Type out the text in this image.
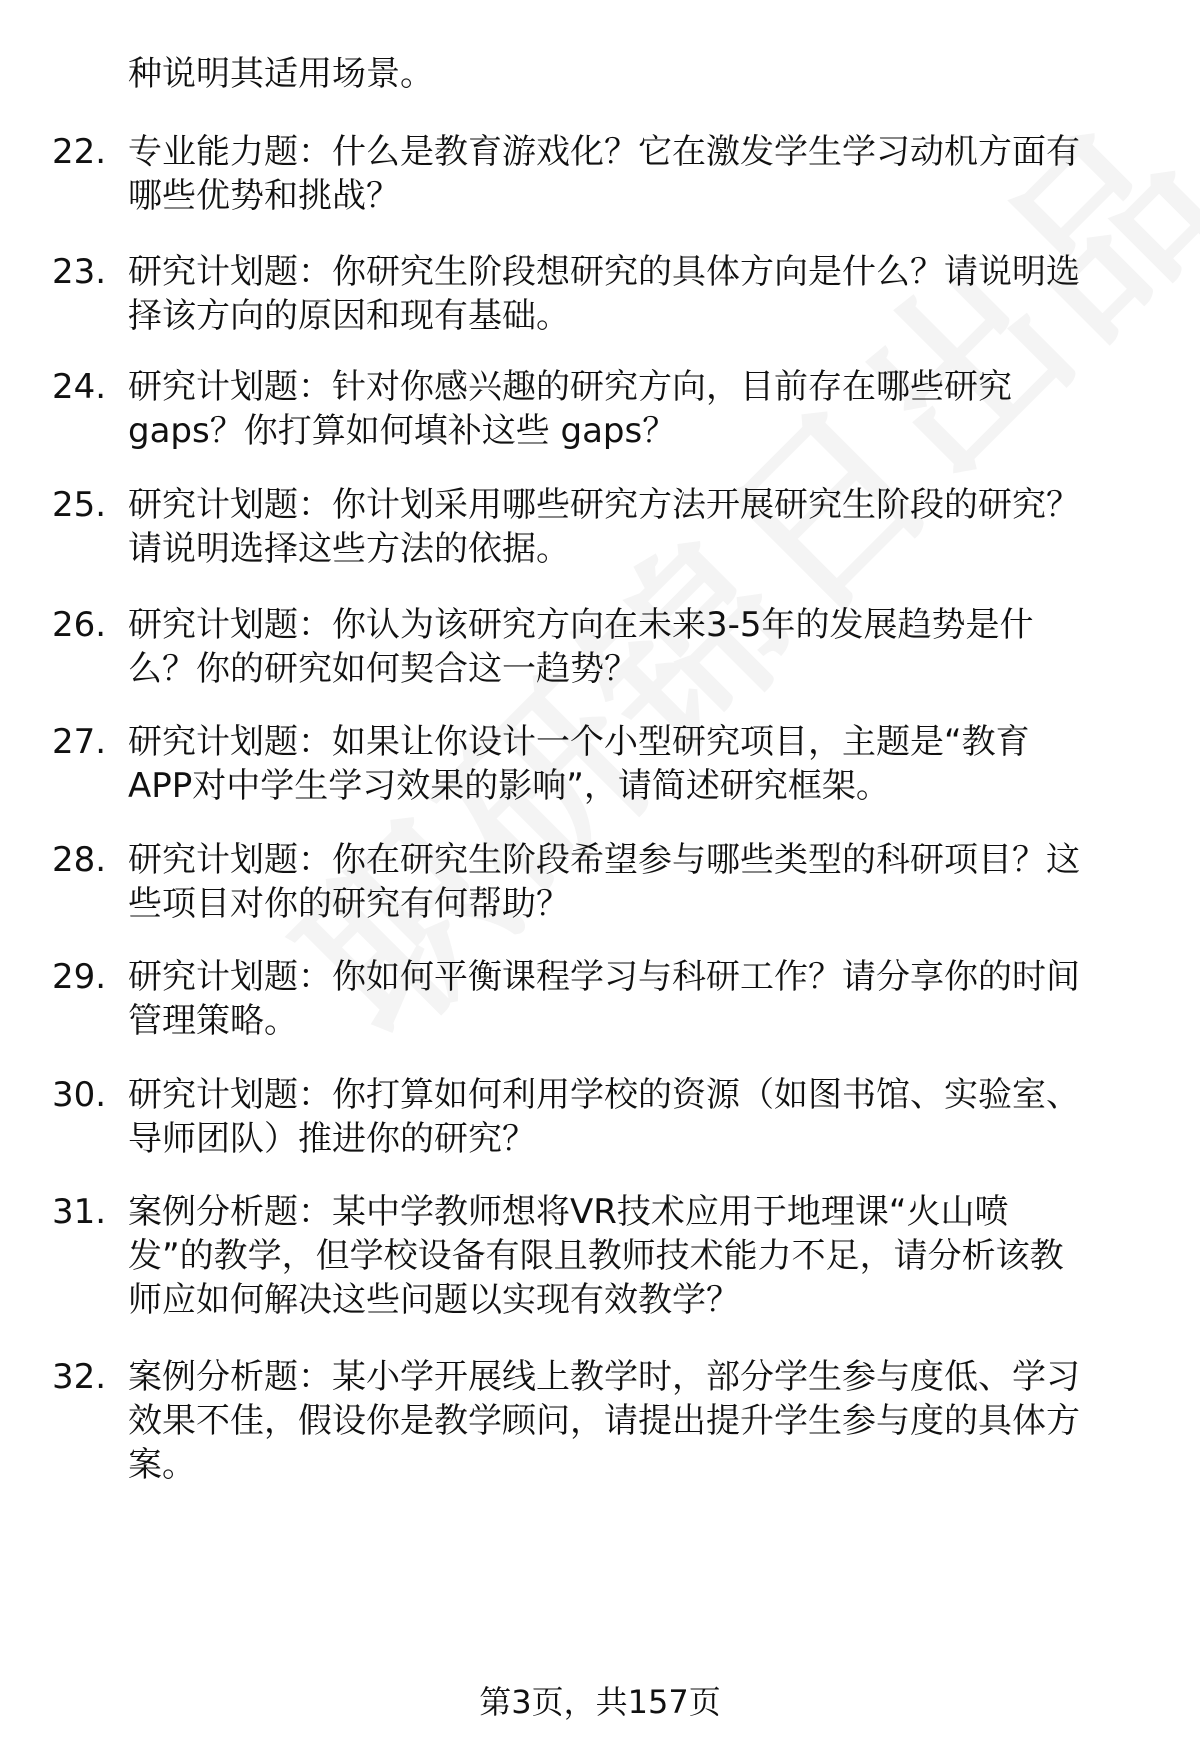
种说明其适用场景。
22. 专业能力题：什么是教育游戏化？它在激发学生学习动机方面有
哪些优势和挑战？
23. 研究计划题：你研究生阶段想研究的具体方向是什么？请说明选
择该方向的原因和现有基础。
24. 研究计划题：针对你感兴趣的研究方向，目前存在哪些研究
gaps？你打算如何填补这些 gaps？
25. 研究计划题：你计划采用哪些研究方法开展研究生阶段的研究？
请说明选择这些方法的依据。
26. 研究计划题：你认为该研究方向在未来3-5年的发展趋势是什
么？你的研究如何契合这一趋势？
27. 研究计划题：如果让你设计一个小型研究项目，主题是“教育
APP对中学生学习效果的影响”，请简述研究框架。
28. 研究计划题：你在研究生阶段希望参与哪些类型的科研项目？这
些项目对你的研究有何帮助？
29. 研究计划题：你如何平衡课程学习与科研工作？请分享你的时间
管理策略。
30. 研究计划题：你打算如何利用学校的资源（如图书馆、实验室、
导师团队）推进你的研究？
31. 案例分析题：某中学教师想将VR技术应用于地理课“火山喷
发”的教学，但学校设备有限且教师技术能力不足，请分析该教
师应如何解决这些问题以实现有效教学？
32. 案例分析题：某小学开展线上教学时，部分学生参与度低、学习
效果不佳，假设你是教学顾问，请提出提升学生参与度的具体方
案。
第3页，共157页
